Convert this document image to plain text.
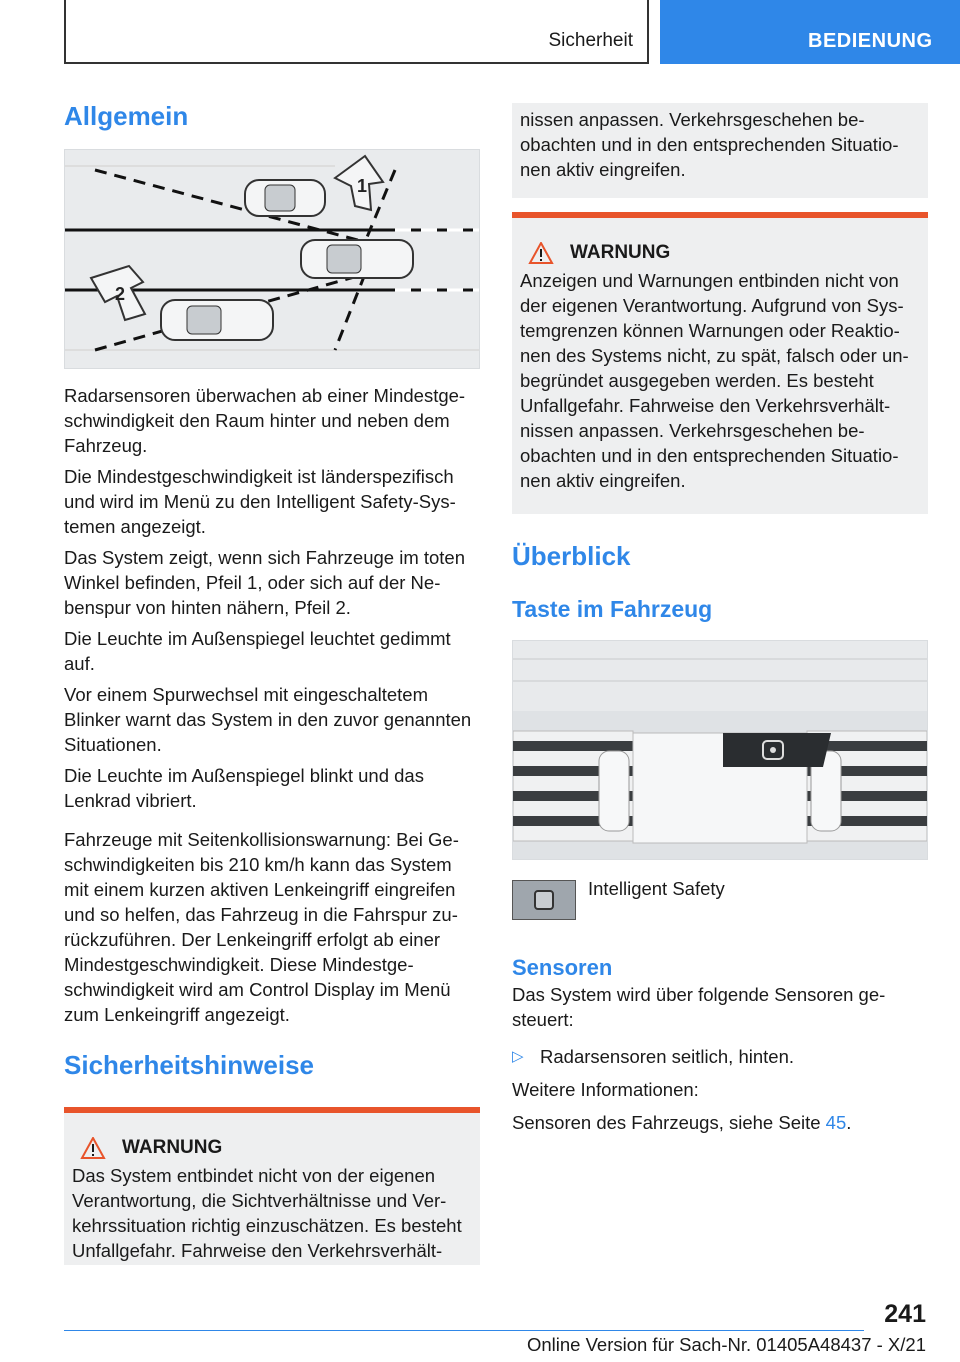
Sicherheit	BEDIENUNG
Allgemein
1
2

Radarsensoren überwachen ab einer Mindestgeschwindigkeit den Raum hinter und neben dem Fahrzeug.

Die Mindestgeschwindigkeit ist länderspezifisch und wird im Menü zu den Intelligent Safety-Systemen angezeigt.

Das System zeigt, wenn sich Fahrzeuge im toten Winkel befinden, Pfeil 1, oder sich auf der Nebenspur von hinten nähern, Pfeil 2.

Die Leuchte im Außenspiegel leuchtet gedimmt auf.

Vor einem Spurwechsel mit eingeschaltetem Blinker warnt das System in den zuvor genannten Situationen.

Die Leuchte im Außenspiegel blinkt und das Lenkrad vibriert.

Fahrzeuge mit Seitenkollisionswarnung: Bei Geschwindigkeiten bis 210 km/h kann das System mit einem kurzen aktiven Lenkeingriff eingreifen und so helfen, das Fahrzeug in die Fahrspur zurückzuführen. Der Lenkeingriff erfolgt ab einer Mindestgeschwindigkeit. Diese Mindestgeschwindigkeit wird am Control Display im Menü zum Lenkeingriff angezeigt.

Sicherheitshinweise
WARNUNG

Das System entbindet nicht von der eigenen Verantwortung, die Sichtverhältnisse und Verkehrssituation richtig einzuschätzen. Es besteht Unfallgefahr. Fahrweise den Verkehrsverhält-

nissen anpassen. Verkehrsgeschehen beobachten und in den entsprechenden Situationen aktiv eingreifen.

WARNUNG

Anzeigen und Warnungen entbinden nicht von der eigenen Verantwortung. Aufgrund von Systemgrenzen können Warnungen oder Reaktionen des Systems nicht, zu spät, falsch oder unbegründet ausgegeben werden. Es besteht Unfallgefahr. Fahrweise den Verkehrsverhältnissen anpassen. Verkehrsgeschehen beobachten und in den entsprechenden Situationen aktiv eingreifen.

Überblick
Taste im Fahrzeug
Intelligent Safety
Sensoren

Das System wird über folgende Sensoren gesteuert:

▷ Radarsensoren seitlich, hinten.

Weitere Informationen:

Sensoren des Fahrzeugs, siehe Seite 45.

241
Online Version für Sach-Nr. 01405A48437 - X/21
